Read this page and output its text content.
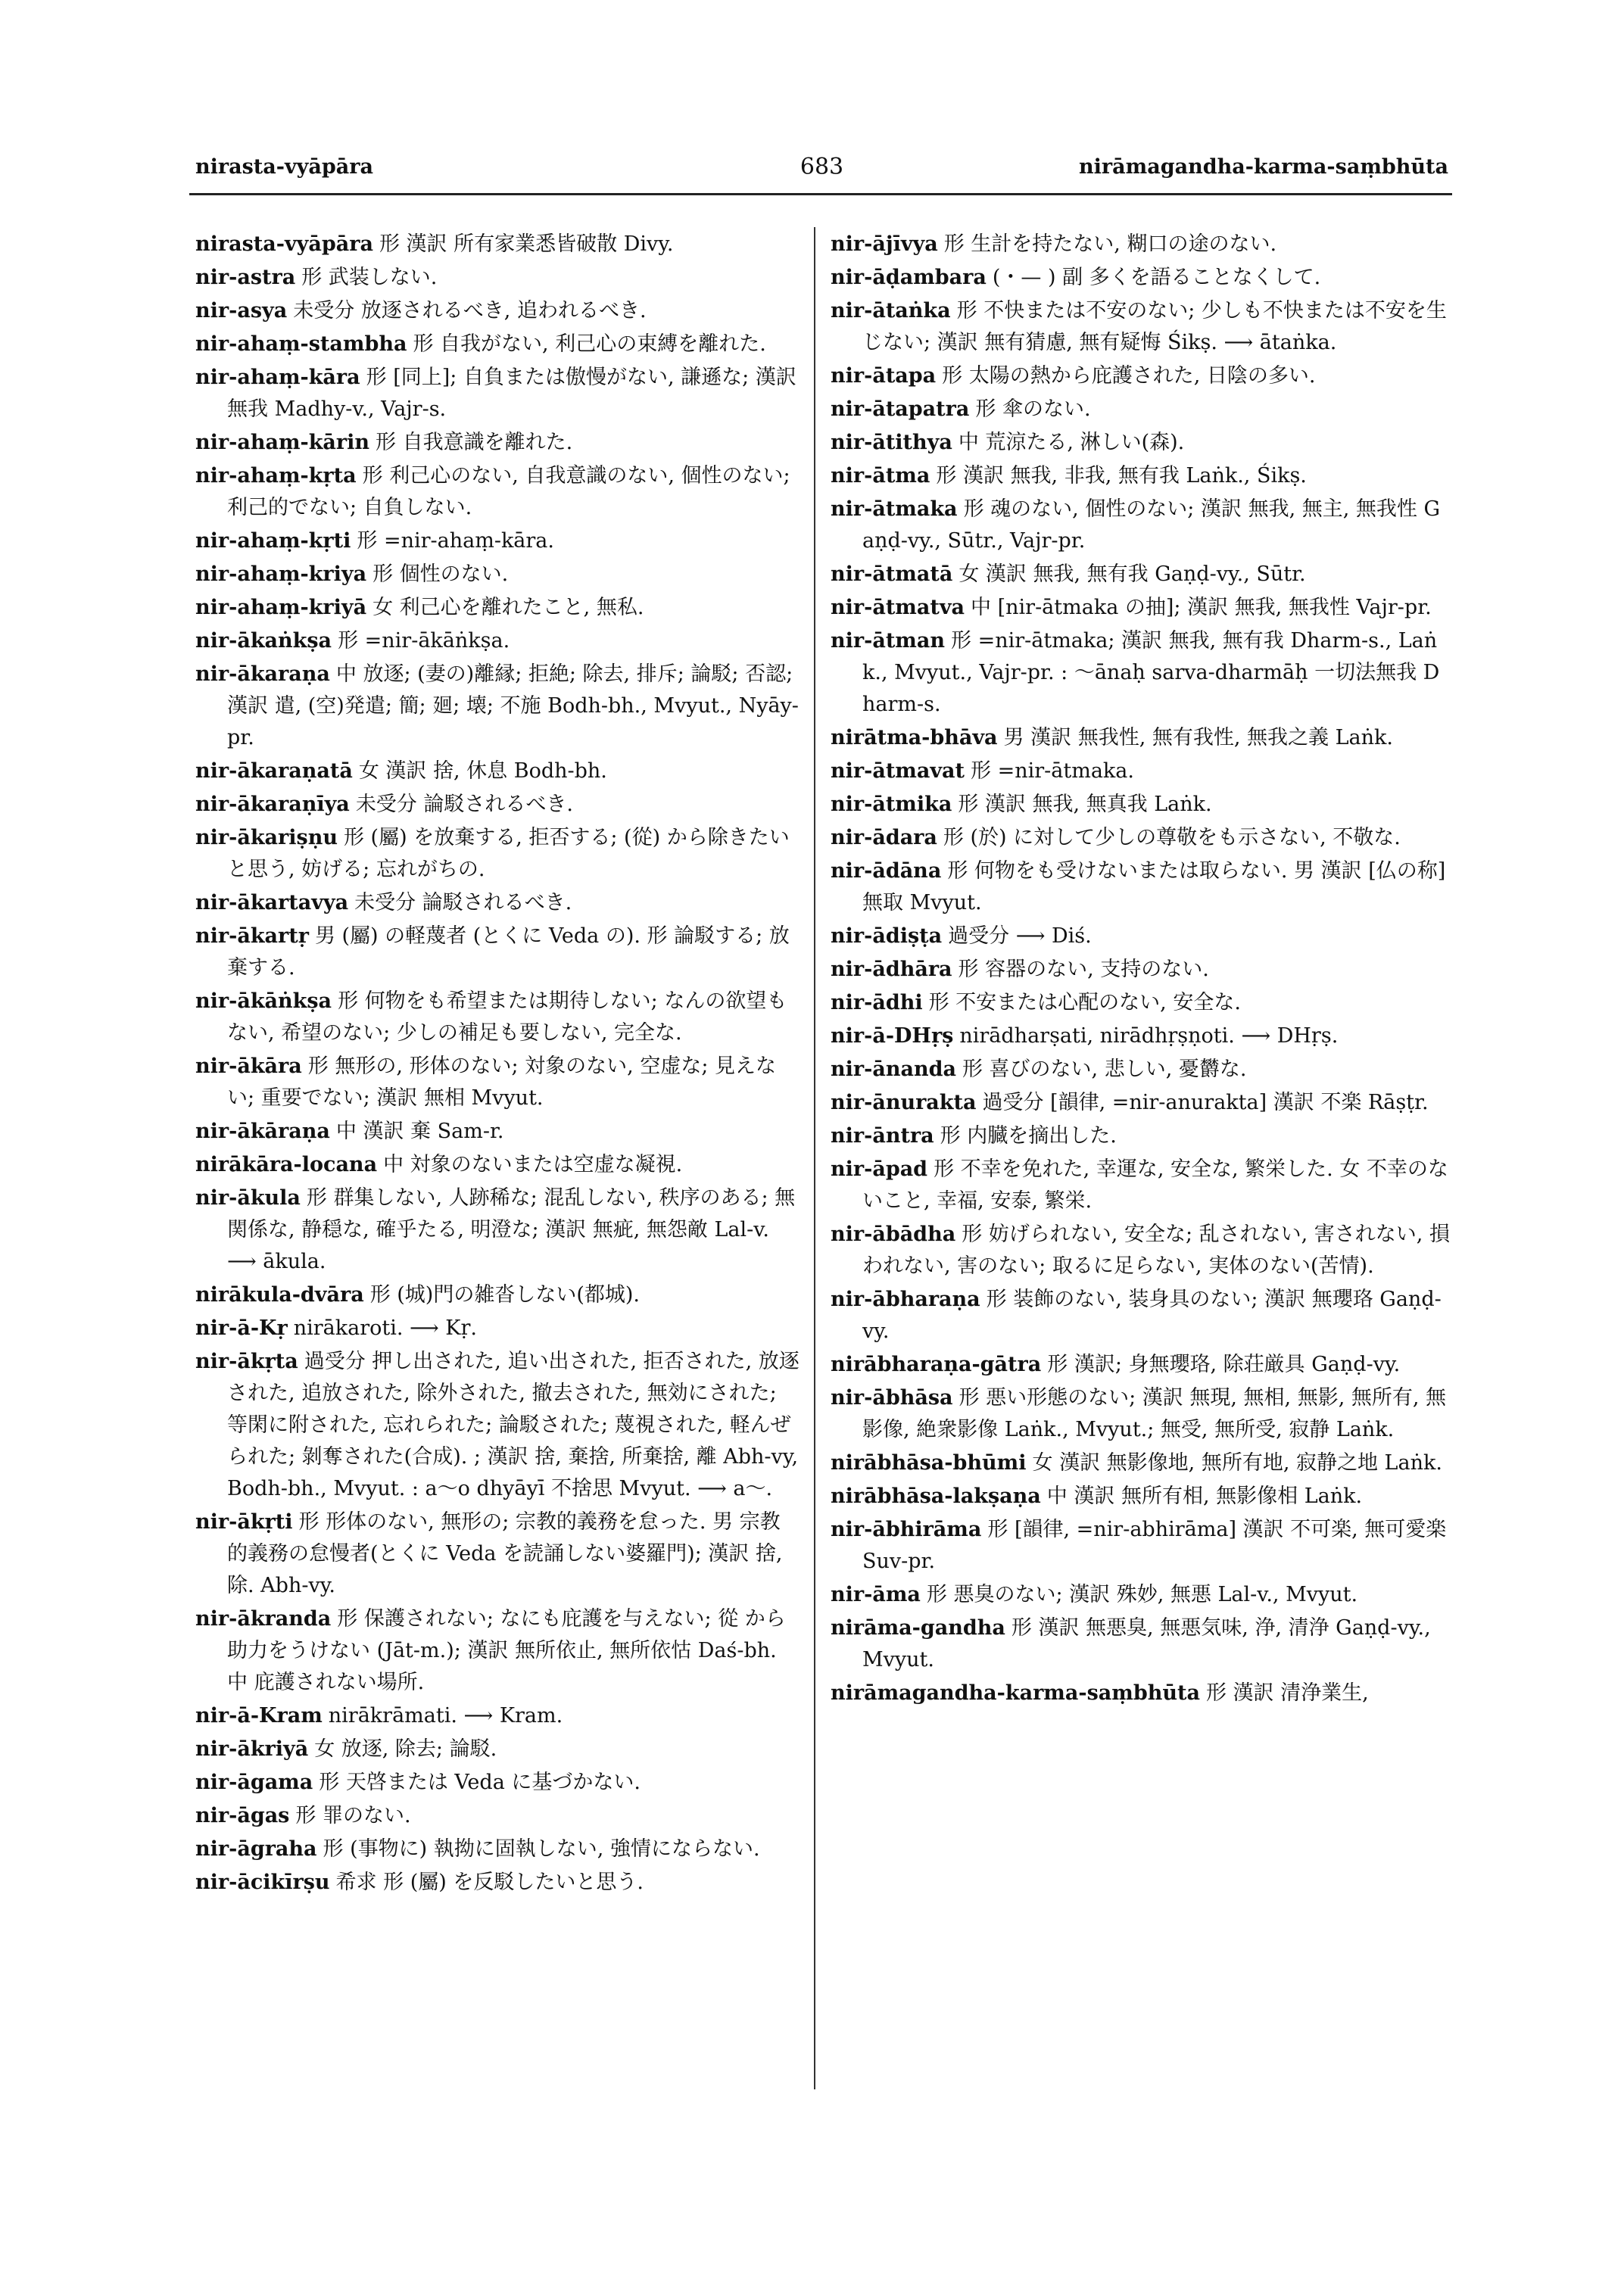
nirasta-vyāpāra	683	nirāmagandha-karma-saṃbhūta

nirasta-vyāpāra 形 漢訳 所有家業悉皆破散 Divy.

nir-astra 形 武装しない.

nir-asya 未受分 放逐されるべき, 追われるべき.

nir-ahaṃ-stambha 形 自我がない, 利己心の束縛を離れた.

nir-ahaṃ-kāra 形 [同上]; 自負または傲慢がない, 謙遜な; 漢訳 無我 Madhy-v., Vajr-s.

nir-ahaṃ-kārin 形 自我意識を離れた.

nir-ahaṃ-kṛta 形 利己心のない, 自我意識のない, 個性のない; 利己的でない; 自負しない.

nir-ahaṃ-kṛti 形 =nir-ahaṃ-kāra.

nir-ahaṃ-kriya 形 個性のない.

nir-ahaṃ-kriyā 女 利己心を離れたこと, 無私.

nir-ākaṅkṣa 形 =nir-ākāṅkṣa.

nir-ākaraṇa 中 放逐; (妻の)離縁; 拒絶; 除去, 排斥; 論駁; 否認; 漢訳 遣, (空)発遣; 簡; 廻; 壊; 不施 Bodh-bh., Mvyut., Nyāy-pr.

nir-ākaraṇatā 女 漢訳 捨, 休息 Bodh-bh.

nir-ākaraṇīya 未受分 論駁されるべき.

nir-ākariṣṇu 形 (屬) を放棄する, 拒否する; (從) から除きたいと思う, 妨げる; 忘れがちの.

nir-ākartavya 未受分 論駁されるべき.

nir-ākartṛ 男 (屬) の軽蔑者 (とくに Veda の). 形 論駁する; 放棄する.

nir-ākāṅkṣa 形 何物をも希望または期待しない; なんの欲望もない, 希望のない; 少しの補足も要しない, 完全な.

nir-ākāra 形 無形の, 形体のない; 対象のない, 空虚な; 見えない; 重要でない; 漢訳 無相 Mvyut.

nir-ākāraṇa 中 漢訳 棄 Sam-r.

nirākāra-locana 中 対象のないまたは空虚な凝視.

nir-ākula 形 群集しない, 人跡稀な; 混乱しない, 秩序のある; 無関係な, 静穏な, 確乎たる, 明澄な; 漢訳 無疵, 無怨敵 Lal-v. ⟶ ākula.

nirākula-dvāra 形 (城)門の雑沓しない(都城).

nir-ā-Kṛ nirākaroti. ⟶ Kṛ.

nir-ākṛta 過受分 押し出された, 追い出された, 拒否された, 放逐された, 追放された, 除外された, 撤去された, 無効にされた; 等閑に附された, 忘れられた; 論駁された; 蔑視された, 軽んぜられた; 剝奪された(合成). ; 漢訳 捨, 棄捨, 所棄捨, 離 Abh-vy, Bodh-bh., Mvyut. : a〜o dhyāyī 不捨思 Mvyut. ⟶ a〜.

nir-ākṛti 形 形体のない, 無形の; 宗教的義務を怠った. 男 宗教的義務の怠慢者(とくに Veda を読誦しない婆羅門); 漢訳 捨, 除. Abh-vy.

nir-ākranda 形 保護されない; なにも庇護を与えない; 從 から助力をうけない (Jāt-m.); 漢訳 無所依止, 無所依怙 Daś-bh. 中 庇護されない場所.

nir-ā-Kram nirākrāmati. ⟶ Kram.

nir-ākriyā 女 放逐, 除去; 論駁.

nir-āgama 形 天啓または Veda に基づかない.

nir-āgas 形 罪のない.

nir-āgraha 形 (事物に) 執拗に固執しない, 強情にならない.

nir-ācikīrṣu 希求 形 (屬) を反駁したいと思う.

nir-ājīvya 形 生計を持たない, 糊口の途のない.

nir-āḍambara (・— ) 副 多くを語ることなくして.

nir-ātaṅka 形 不快または不安のない; 少しも不快または不安を生じない; 漢訳 無有猜慮, 無有疑悔 Śikṣ. ⟶ ātaṅka.

nir-ātapa 形 太陽の熱から庇護された, 日陰の多い.

nir-ātapatra 形 傘のない.

nir-ātithya 中 荒涼たる, 淋しい(森).

nir-ātma 形 漢訳 無我, 非我, 無有我 Laṅk., Śikṣ.

nir-ātmaka 形 魂のない, 個性のない; 漢訳 無我, 無主, 無我性 Gaṇḍ-vy., Sūtr., Vajr-pr.

nir-ātmatā 女 漢訳 無我, 無有我 Gaṇḍ-vy., Sūtr.

nir-ātmatva 中 [nir-ātmaka の抽]; 漢訳 無我, 無我性 Vajr-pr.

nir-ātman 形 =nir-ātmaka; 漢訳 無我, 無有我 Dharm-s., Laṅk., Mvyut., Vajr-pr. : 〜ānaḥ sarva-dharmāḥ 一切法無我 Dharm-s.

nirātma-bhāva 男 漢訳 無我性, 無有我性, 無我之義 Laṅk.

nir-ātmavat 形 =nir-ātmaka.

nir-ātmika 形 漢訳 無我, 無真我 Laṅk.

nir-ādara 形 (於) に対して少しの尊敬をも示さない, 不敬な.

nir-ādāna 形 何物をも受けないまたは取らない. 男 漢訳 [仏の称] 無取 Mvyut.

nir-ādiṣṭa 過受分 ⟶ Diś.

nir-ādhāra 形 容器のない, 支持のない.

nir-ādhi 形 不安または心配のない, 安全な.

nir-ā-DHṛṣ nirādharṣati, nirādhṛṣṇoti. ⟶ DHṛṣ.

nir-ānanda 形 喜びのない, 悲しい, 憂欝な.

nir-ānurakta 過受分 [韻律, =nir-anurakta] 漢訳 不楽 Rāṣṭr.

nir-āntra 形 内臓を摘出した.

nir-āpad 形 不幸を免れた, 幸運な, 安全な, 繁栄した. 女 不幸のないこと, 幸福, 安泰, 繁栄.

nir-ābādha 形 妨げられない, 安全な; 乱されない, 害されない, 損われない, 害のない; 取るに足らない, 実体のない(苦情).

nir-ābharaṇa 形 装飾のない, 装身具のない; 漢訳 無瓔珞 Gaṇḍ-vy.

nirābharaṇa-gātra 形 漢訳; 身無瓔珞, 除荘厳具 Gaṇḍ-vy.

nir-ābhāsa 形 悪い形態のない; 漢訳 無現, 無相, 無影, 無所有, 無影像, 絶衆影像 Laṅk., Mvyut.; 無受, 無所受, 寂静 Laṅk.

nirābhāsa-bhūmi 女 漢訳 無影像地, 無所有地, 寂静之地 Laṅk.

nirābhāsa-lakṣaṇa 中 漢訳 無所有相, 無影像相 Laṅk.

nir-ābhirāma 形 [韻律, =nir-abhirāma] 漢訳 不可楽, 無可愛楽 Suv-pr.

nir-āma 形 悪臭のない; 漢訳 殊妙, 無悪 Lal-v., Mvyut.

nirāma-gandha 形 漢訳 無悪臭, 無悪気味, 浄, 清浄 Gaṇḍ-vy., Mvyut.

nirāmagandha-karma-saṃbhūta 形 漢訳 清浄業生,
